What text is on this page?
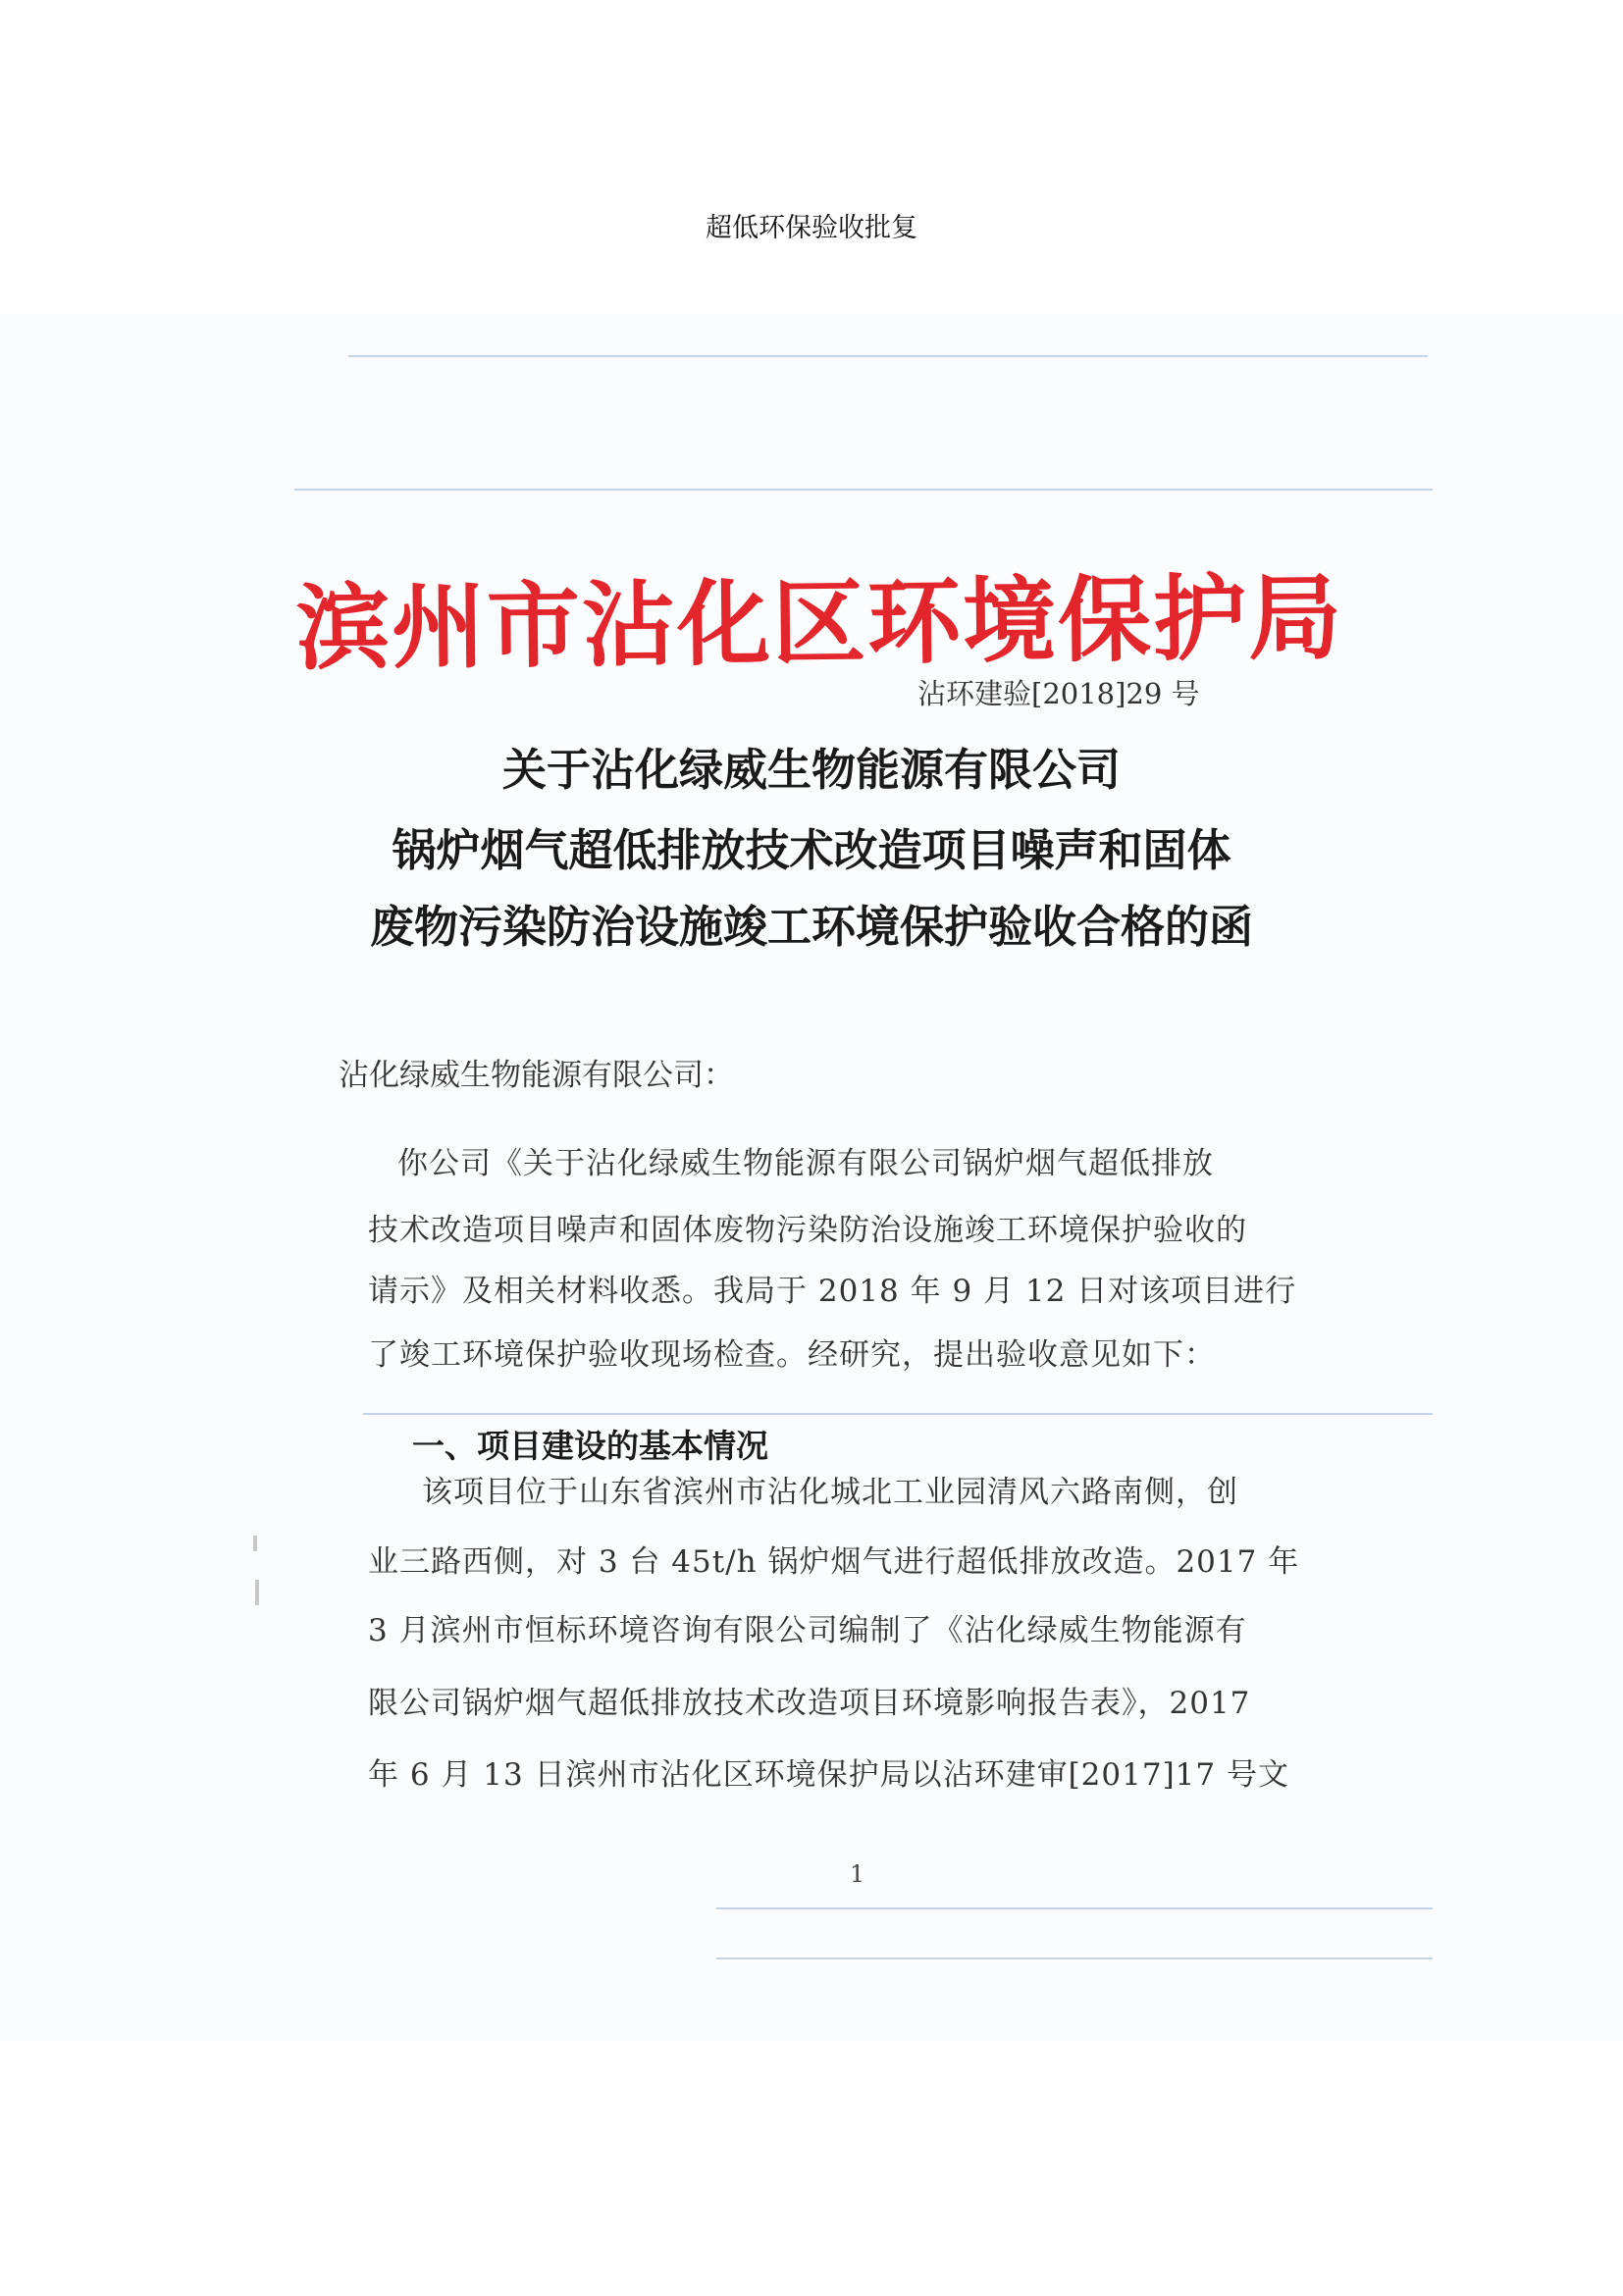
超低环保验收批复
滨州市沾化区环境保护局
沾环建验[2018]29 号
关于沾化绿威生物能源有限公司
锅炉烟气超低排放技术改造项目噪声和固体
废物污染防治设施竣工环境保护验收合格的函
沾化绿威生物能源有限公司：
你公司《关于沾化绿威生物能源有限公司锅炉烟气超低排放
技术改造项目噪声和固体废物污染防治设施竣工环境保护验收的
请示》及相关材料收悉。我局于 2018 年 9 月 12 日对该项目进行
了竣工环境保护验收现场检查。经研究，提出验收意见如下：
一、项目建设的基本情况
该项目位于山东省滨州市沾化城北工业园清风六路南侧，创
业三路西侧，对 3 台 45t/h 锅炉烟气进行超低排放改造。2017 年
3 月滨州市恒标环境咨询有限公司编制了《沾化绿威生物能源有
限公司锅炉烟气超低排放技术改造项目环境影响报告表》，2017
年 6 月 13 日滨州市沾化区环境保护局以沾环建审[2017]17 号文
1
